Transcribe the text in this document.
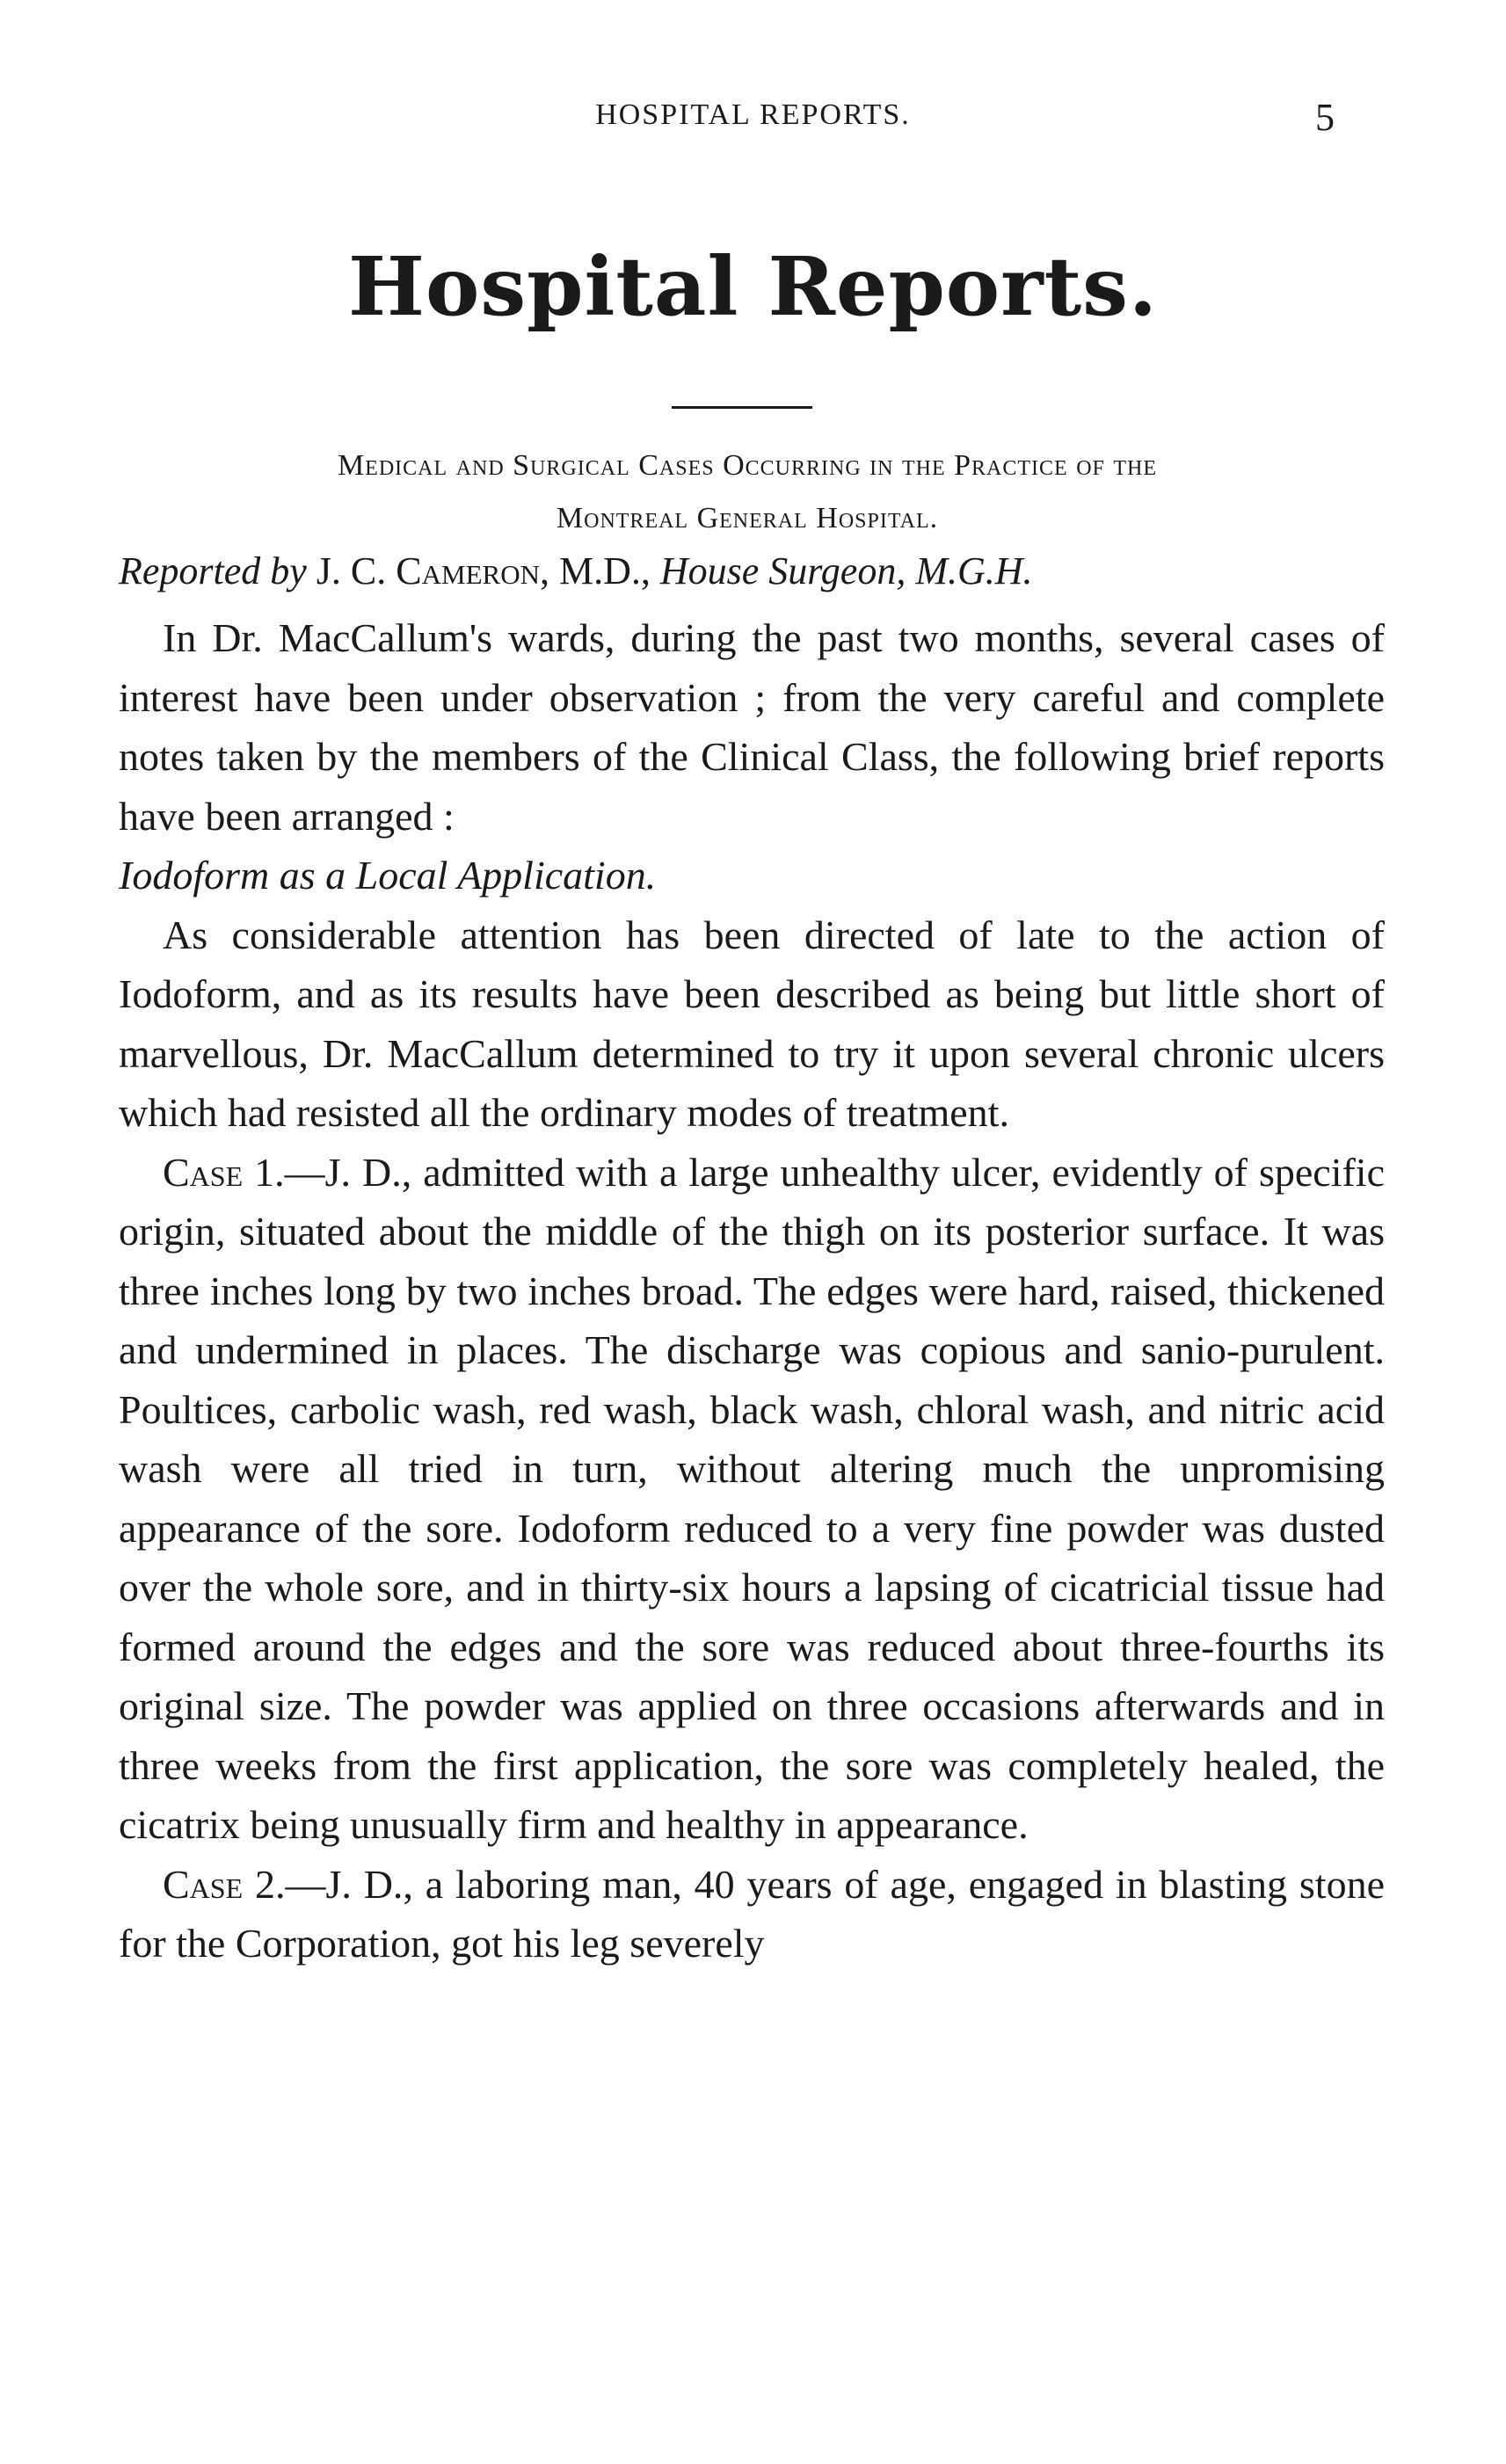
HOSPITAL REPORTS.	5
Hospital Reports.
Medical and Surgical Cases Occurring in the Practice of the
Montreal General Hospital.
Reported by J. C. Cameron, M.D., House Surgeon, M.G.H.

In Dr. MacCallum's wards, during the past two months, several cases of interest have been under observation ; from the very careful and complete notes taken by the members of the Clinical Class, the following brief reports have been arranged :

Iodoform as a Local Application.

As considerable attention has been directed of late to the action of Iodoform, and as its results have been described as being but little short of marvellous, Dr. MacCallum determined to try it upon several chronic ulcers which had resisted all the ordinary modes of treatment.

Case 1.—J. D., admitted with a large unhealthy ulcer, evidently of specific origin, situated about the middle of the thigh on its posterior surface. It was three inches long by two inches broad. The edges were hard, raised, thickened and undermined in places. The discharge was copious and sanio-purulent. Poultices, carbolic wash, red wash, black wash, chloral wash, and nitric acid wash were all tried in turn, without altering much the unpromising appearance of the sore. Iodoform reduced to a very fine powder was dusted over the whole sore, and in thirty-six hours a lapsing of cicatricial tissue had formed around the edges and the sore was reduced about three-fourths its original size. The powder was applied on three occasions afterwards and in three weeks from the first application, the sore was completely healed, the cicatrix being unusually firm and healthy in appearance.

Case 2.—J. D., a laboring man, 40 years of age, engaged in blasting stone for the Corporation, got his leg severely
